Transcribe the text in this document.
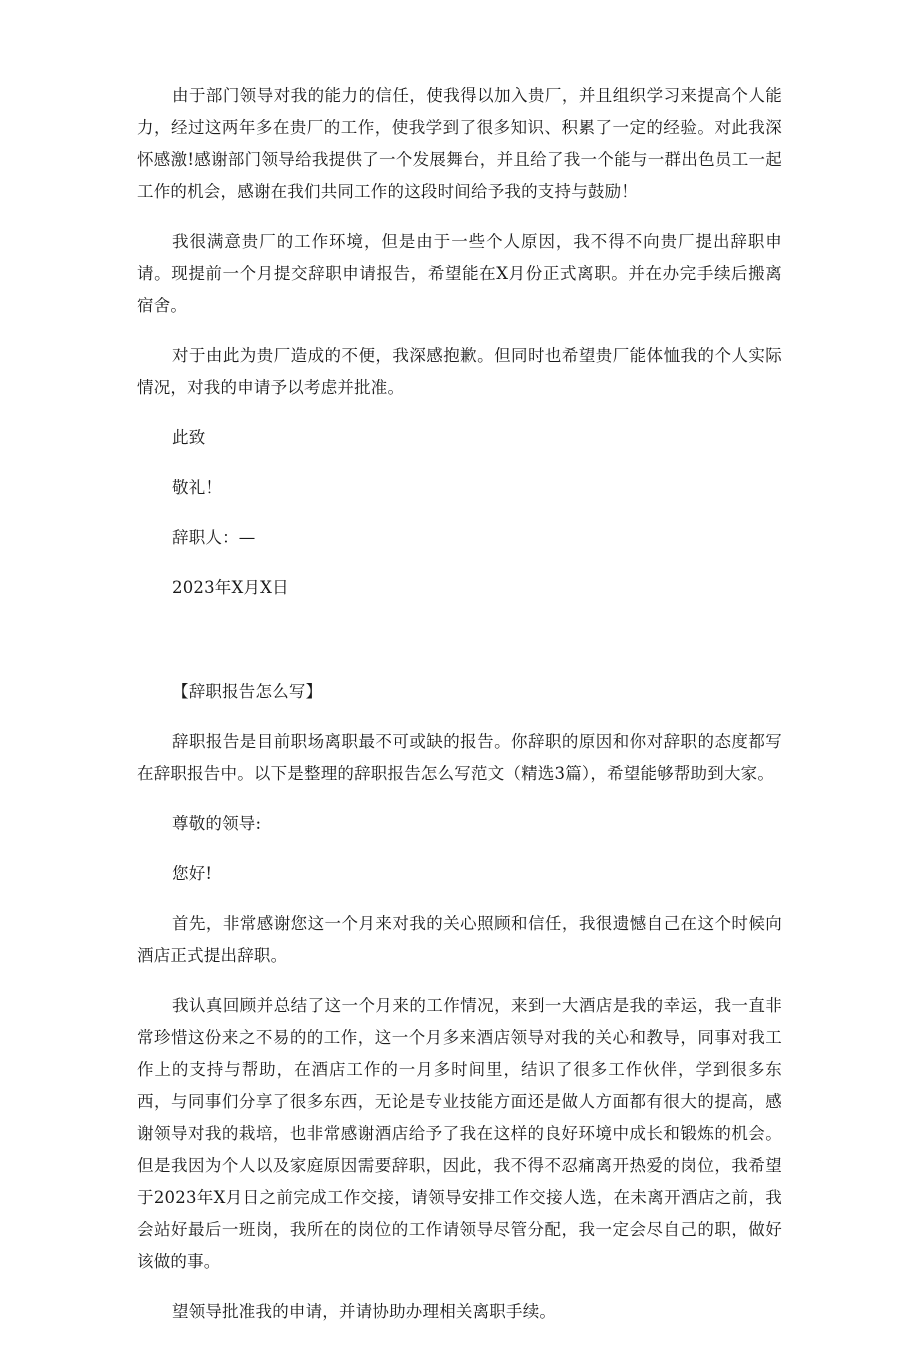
由于部门领导对我的能力的信任，使我得以加入贵厂，并且组织学习来提高个人能力，经过这两年多在贵厂的工作，使我学到了很多知识、积累了一定的经验。对此我深怀感激!感谢部门领导给我提供了一个发展舞台，并且给了我一个能与一群出色员工一起工作的机会，感谢在我们共同工作的这段时间给予我的支持与鼓励！

我很满意贵厂的工作环境，但是由于一些个人原因，我不得不向贵厂提出辞职申请。现提前一个月提交辞职申请报告，希望能在X月份正式离职。并在办完手续后搬离宿舍。

对于由此为贵厂造成的不便，我深感抱歉。但同时也希望贵厂能体恤我的个人实际情况，对我的申请予以考虑并批准。

此致

敬礼！

辞职人：—

2023年X月X日

【辞职报告怎么写】

辞职报告是目前职场离职最不可或缺的报告。你辞职的原因和你对辞职的态度都写在辞职报告中。以下是整理的辞职报告怎么写范文（精选3篇），希望能够帮助到大家。

尊敬的领导:

您好!

首先，非常感谢您这一个月来对我的关心照顾和信任，我很遗憾自己在这个时候向酒店正式提出辞职。

我认真回顾并总结了这一个月来的工作情况，来到一大酒店是我的幸运，我一直非常珍惜这份来之不易的的工作，这一个月多来酒店领导对我的关心和教导，同事对我工作上的支持与帮助，在酒店工作的一月多时间里，结识了很多工作伙伴，学到很多东西，与同事们分享了很多东西，无论是专业技能方面还是做人方面都有很大的提高，感谢领导对我的栽培，也非常感谢酒店给予了我在这样的良好环境中成长和锻炼的机会。但是我因为个人以及家庭原因需要辞职，因此，我不得不忍痛离开热爱的岗位，我希望于2023年X月日之前完成工作交接，请领导安排工作交接人选，在未离开酒店之前，我会站好最后一班岗，我所在的岗位的工作请领导尽管分配，我一定会尽自己的职，做好该做的事。

望领导批准我的申请，并请协助办理相关离职手续。
